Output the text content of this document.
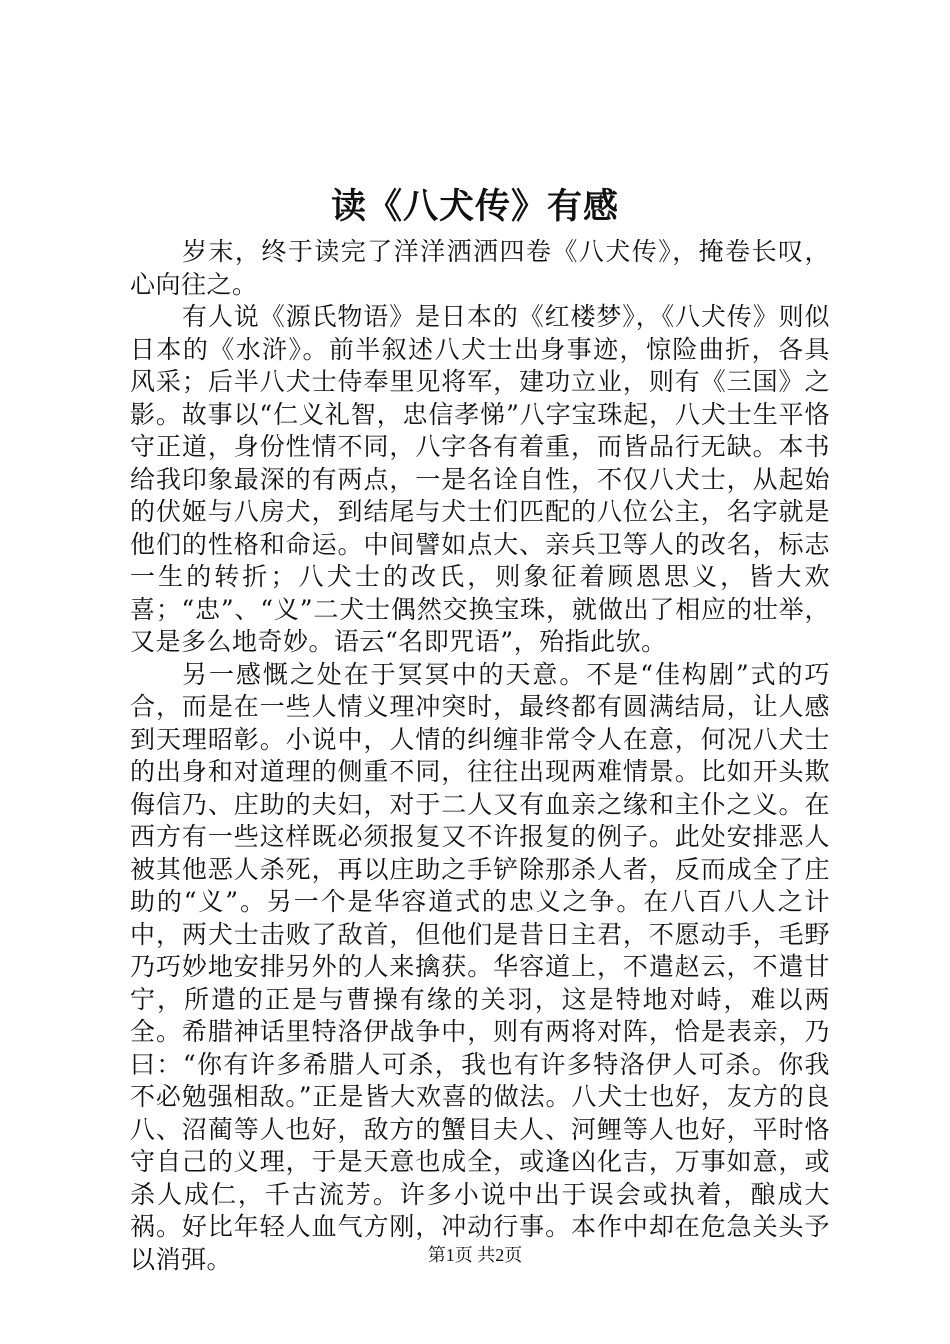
读《八犬传》有感

岁末，终于读完了洋洋洒洒四卷《八犬传》，掩卷长叹，心向往之。

有人说《源氏物语》是日本的《红楼梦》，《八犬传》则似日本的《水浒》。前半叙述八犬士出身事迹，惊险曲折，各具风采；后半八犬士侍奉里见将军，建功立业，则有《三国》之影。故事以“仁义礼智，忠信孝悌”八字宝珠起，八犬士生平恪守正道，身份性情不同，八字各有着重，而皆品行无缺。本书给我印象最深的有两点，一是名诠自性，不仅八犬士，从起始的伏姬与八房犬，到结尾与犬士们匹配的八位公主，名字就是他们的性格和命运。中间譬如点大、亲兵卫等人的改名，标志一生的转折；八犬士的改氏，则象征着顾恩思义，皆大欢喜；“忠”、“义”二犬士偶然交换宝珠，就做出了相应的壮举，又是多么地奇妙。语云“名即咒语”，殆指此欤。

另一感慨之处在于冥冥中的天意。不是“佳构剧”式的巧合，而是在一些人情义理冲突时，最终都有圆满结局，让人感到天理昭彰。小说中，人情的纠缠非常令人在意，何况八犬士的出身和对道理的侧重不同，往往出现两难情景。比如开头欺侮信乃、庄助的夫妇，对于二人又有血亲之缘和主仆之义。在西方有一些这样既必须报复又不许报复的例子。此处安排恶人被其他恶人杀死，再以庄助之手铲除那杀人者，反而成全了庄助的“义”。另一个是华容道式的忠义之争。在八百八人之计中，两犬士击败了敌首，但他们是昔日主君，不愿动手，毛野乃巧妙地安排另外的人来擒获。华容道上，不遣赵云，不遣甘宁，所遣的正是与曹操有缘的关羽，这是特地对峙，难以两全。希腊神话里特洛伊战争中，则有两将对阵，恰是表亲，乃曰：“你有许多希腊人可杀，我也有许多特洛伊人可杀。你我不必勉强相敌。”正是皆大欢喜的做法。八犬士也好，友方的良八、沼蔺等人也好，敌方的蟹目夫人、河鲤等人也好，平时恪守自己的义理，于是天意也成全，或逢凶化吉，万事如意，或杀人成仁，千古流芳。许多小说中出于误会或执着，酿成大祸。好比年轻人血气方刚，冲动行事。本作中却在危急关头予以消弭。	第1页 共2页
